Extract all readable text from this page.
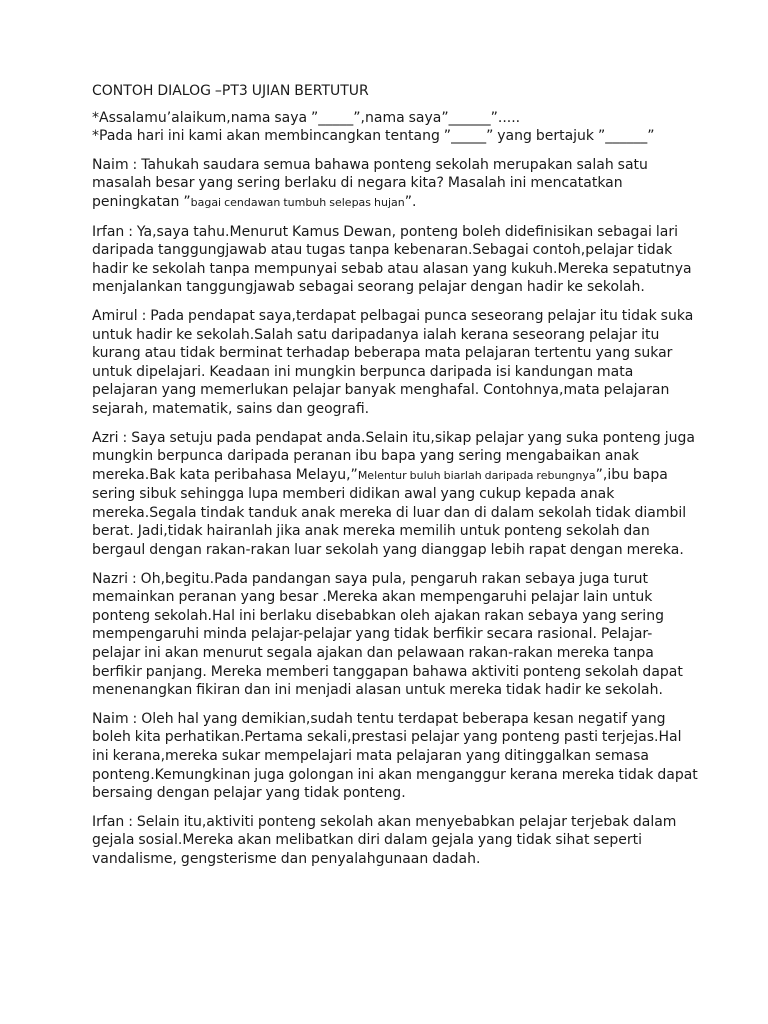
CONTOH DIALOG –PT3 UJIAN BERTUTUR
*Assalamu’alaikum,nama saya ”_____”,nama saya”______”.....
*Pada hari ini kami akan membincangkan tentang ”_____” yang bertajuk ”______”

Naim : Tahukah saudara semua bahawa ponteng sekolah merupakan salah satu masalah besar yang sering berlaku di negara kita? Masalah ini mencatatkan peningkatan ”bagai cendawan tumbuh selepas hujan”.

Irfan : Ya,saya tahu.Menurut Kamus Dewan, ponteng boleh didefinisikan sebagai lari daripada tanggungjawab atau tugas tanpa kebenaran.Sebagai contoh,pelajar tidak hadir ke sekolah tanpa mempunyai sebab atau alasan yang kukuh.Mereka sepatutnya menjalankan tanggungjawab sebagai seorang pelajar dengan hadir ke sekolah.

Amirul : Pada pendapat saya,terdapat pelbagai punca seseorang pelajar itu tidak suka untuk hadir ke sekolah.Salah satu daripadanya ialah kerana seseorang pelajar itu kurang atau tidak berminat terhadap beberapa mata pelajaran tertentu yang sukar untuk dipelajari. Keadaan ini mungkin berpunca daripada isi kandungan mata pelajaran yang memerlukan pelajar banyak menghafal. Contohnya,mata pelajaran sejarah, matematik, sains dan geografi.

Azri : Saya setuju pada pendapat anda.Selain itu,sikap pelajar yang suka ponteng juga mungkin berpunca daripada peranan ibu bapa yang sering mengabaikan anak mereka.Bak kata peribahasa Melayu,”Melentur buluh biarlah daripada rebungnya”,ibu bapa sering sibuk sehingga lupa memberi didikan awal yang cukup kepada anak mereka.Segala tindak tanduk anak mereka di luar dan di dalam sekolah tidak diambil berat. Jadi,tidak hairanlah jika anak mereka memilih untuk ponteng sekolah dan bergaul dengan rakan-rakan luar sekolah yang dianggap lebih rapat dengan mereka.

Nazri : Oh,begitu.Pada pandangan saya pula, pengaruh rakan sebaya juga turut memainkan peranan yang besar .Mereka akan mempengaruhi pelajar lain untuk ponteng sekolah.Hal ini berlaku disebabkan oleh ajakan rakan sebaya yang sering mempengaruhi minda pelajar-pelajar yang tidak berfikir secara rasional. Pelajar-pelajar ini akan menurut segala ajakan dan pelawaan rakan-rakan mereka tanpa berfikir panjang. Mereka memberi tanggapan bahawa aktiviti ponteng sekolah dapat menenangkan fikiran dan ini menjadi alasan untuk mereka tidak hadir ke sekolah.

Naim : Oleh hal yang demikian,sudah tentu terdapat beberapa kesan negatif yang boleh kita perhatikan.Pertama sekali,prestasi pelajar yang ponteng pasti terjejas.Hal ini kerana,mereka sukar mempelajari mata pelajaran yang ditinggalkan semasa ponteng.Kemungkinan juga golongan ini akan menganggur kerana mereka tidak dapat bersaing dengan pelajar yang tidak ponteng.

Irfan : Selain itu,aktiviti ponteng sekolah akan menyebabkan pelajar terjebak dalam gejala sosial.Mereka akan melibatkan diri dalam gejala yang tidak sihat seperti vandalisme, gengsterisme dan penyalahgunaan dadah.
